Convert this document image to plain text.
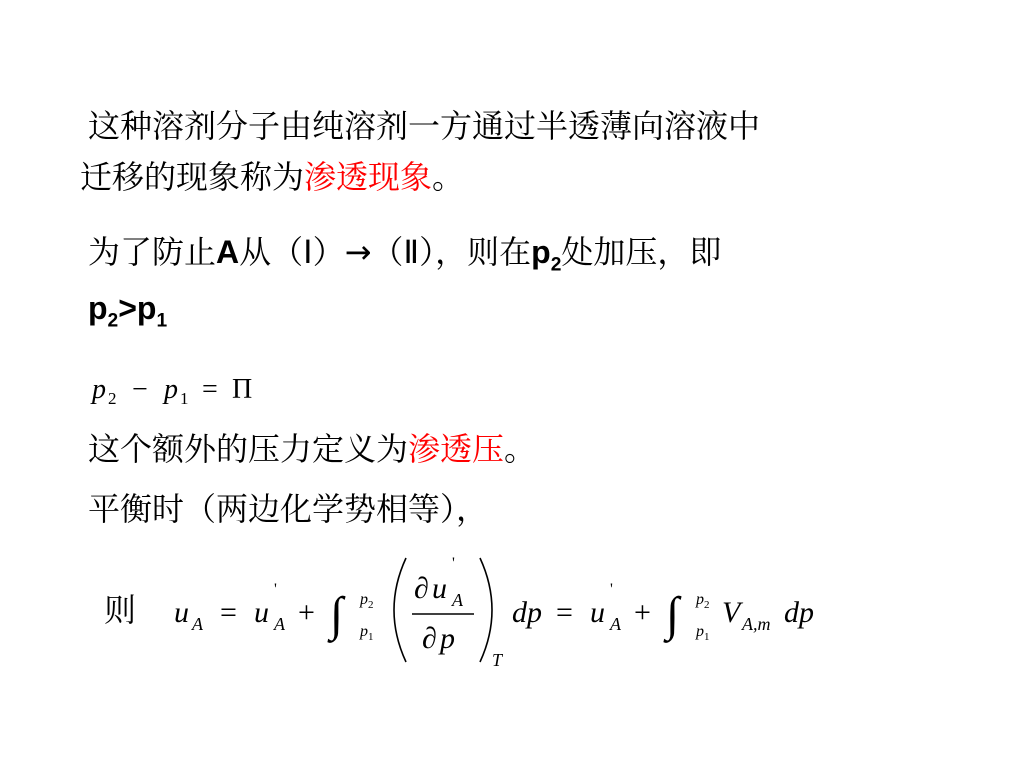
这种溶剂分子由纯溶剂一方通过半透薄向溶液中
迁移的现象称为渗透现象。
为了防止A从（Ⅰ）→（Ⅱ），则在$p_2$处加压，即
$p_2>p_1$
p 2 − p 1 = Π
这个额外的压力定义为渗透压。
平衡时（两边化学势相等），
则 u A = u
'
A + ∫ p 2
p 1
∂ u
'
A
∂ p
T
dp = u
'
A + ∫ p 2
p 1
V A,m dp
